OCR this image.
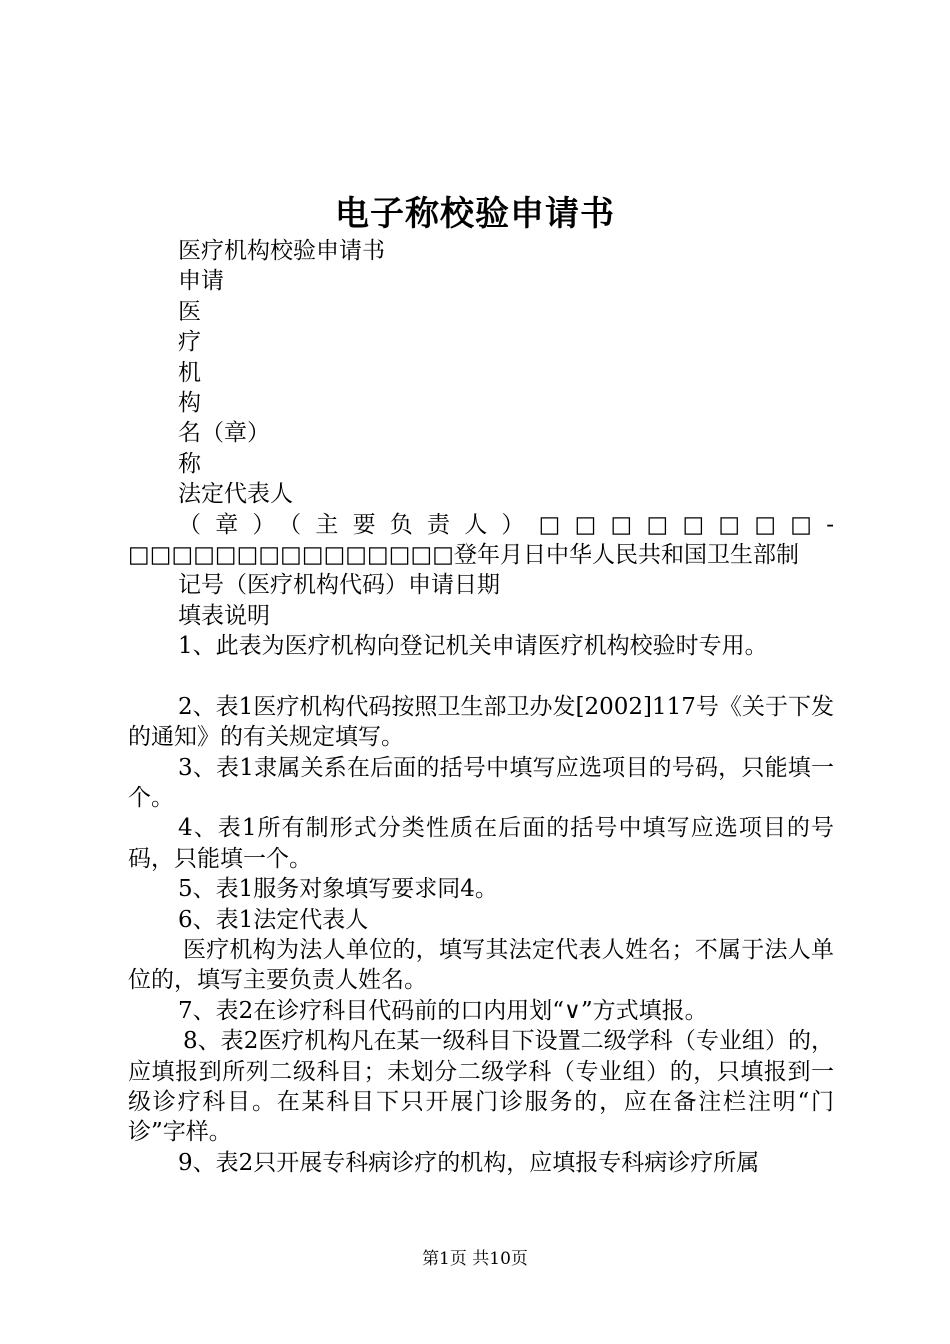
电子称校验申请书

医疗机构校验申请书

申请

医

疗

机

构

名（章）

称

法定代表人

（章）（主要负责人）□□□□□□□□-□□□□□□□□□□□□□□□登年月日中华人民共和国卫生部制

记号（医疗机构代码）申请日期

填表说明

1、此表为医疗机构向登记机关申请医疗机构校验时专用。

2、表1医疗机构代码按照卫生部卫办发[2002]117号《关于下发的通知》的有关规定填写。

3、表1隶属关系在后面的括号中填写应选项目的号码，只能填一个。

4、表1所有制形式分类性质在后面的括号中填写应选项目的号码，只能填一个。

5、表1服务对象填写要求同4。

6、表1法定代表人

医疗机构为法人单位的，填写其法定代表人姓名；不属于法人单位的，填写主要负责人姓名。

7、表2在诊疗科目代码前的口内用划“∨”方式填报。

8、表2医疗机构凡在某一级科目下设置二级学科（专业组）的，应填报到所列二级科目；未划分二级学科（专业组）的，只填报到一级诊疗科目。在某科目下只开展门诊服务的，应在备注栏注明“门诊”字样。

9、表2只开展专科病诊疗的机构，应填报专科病诊疗所属

第1页 共10页
